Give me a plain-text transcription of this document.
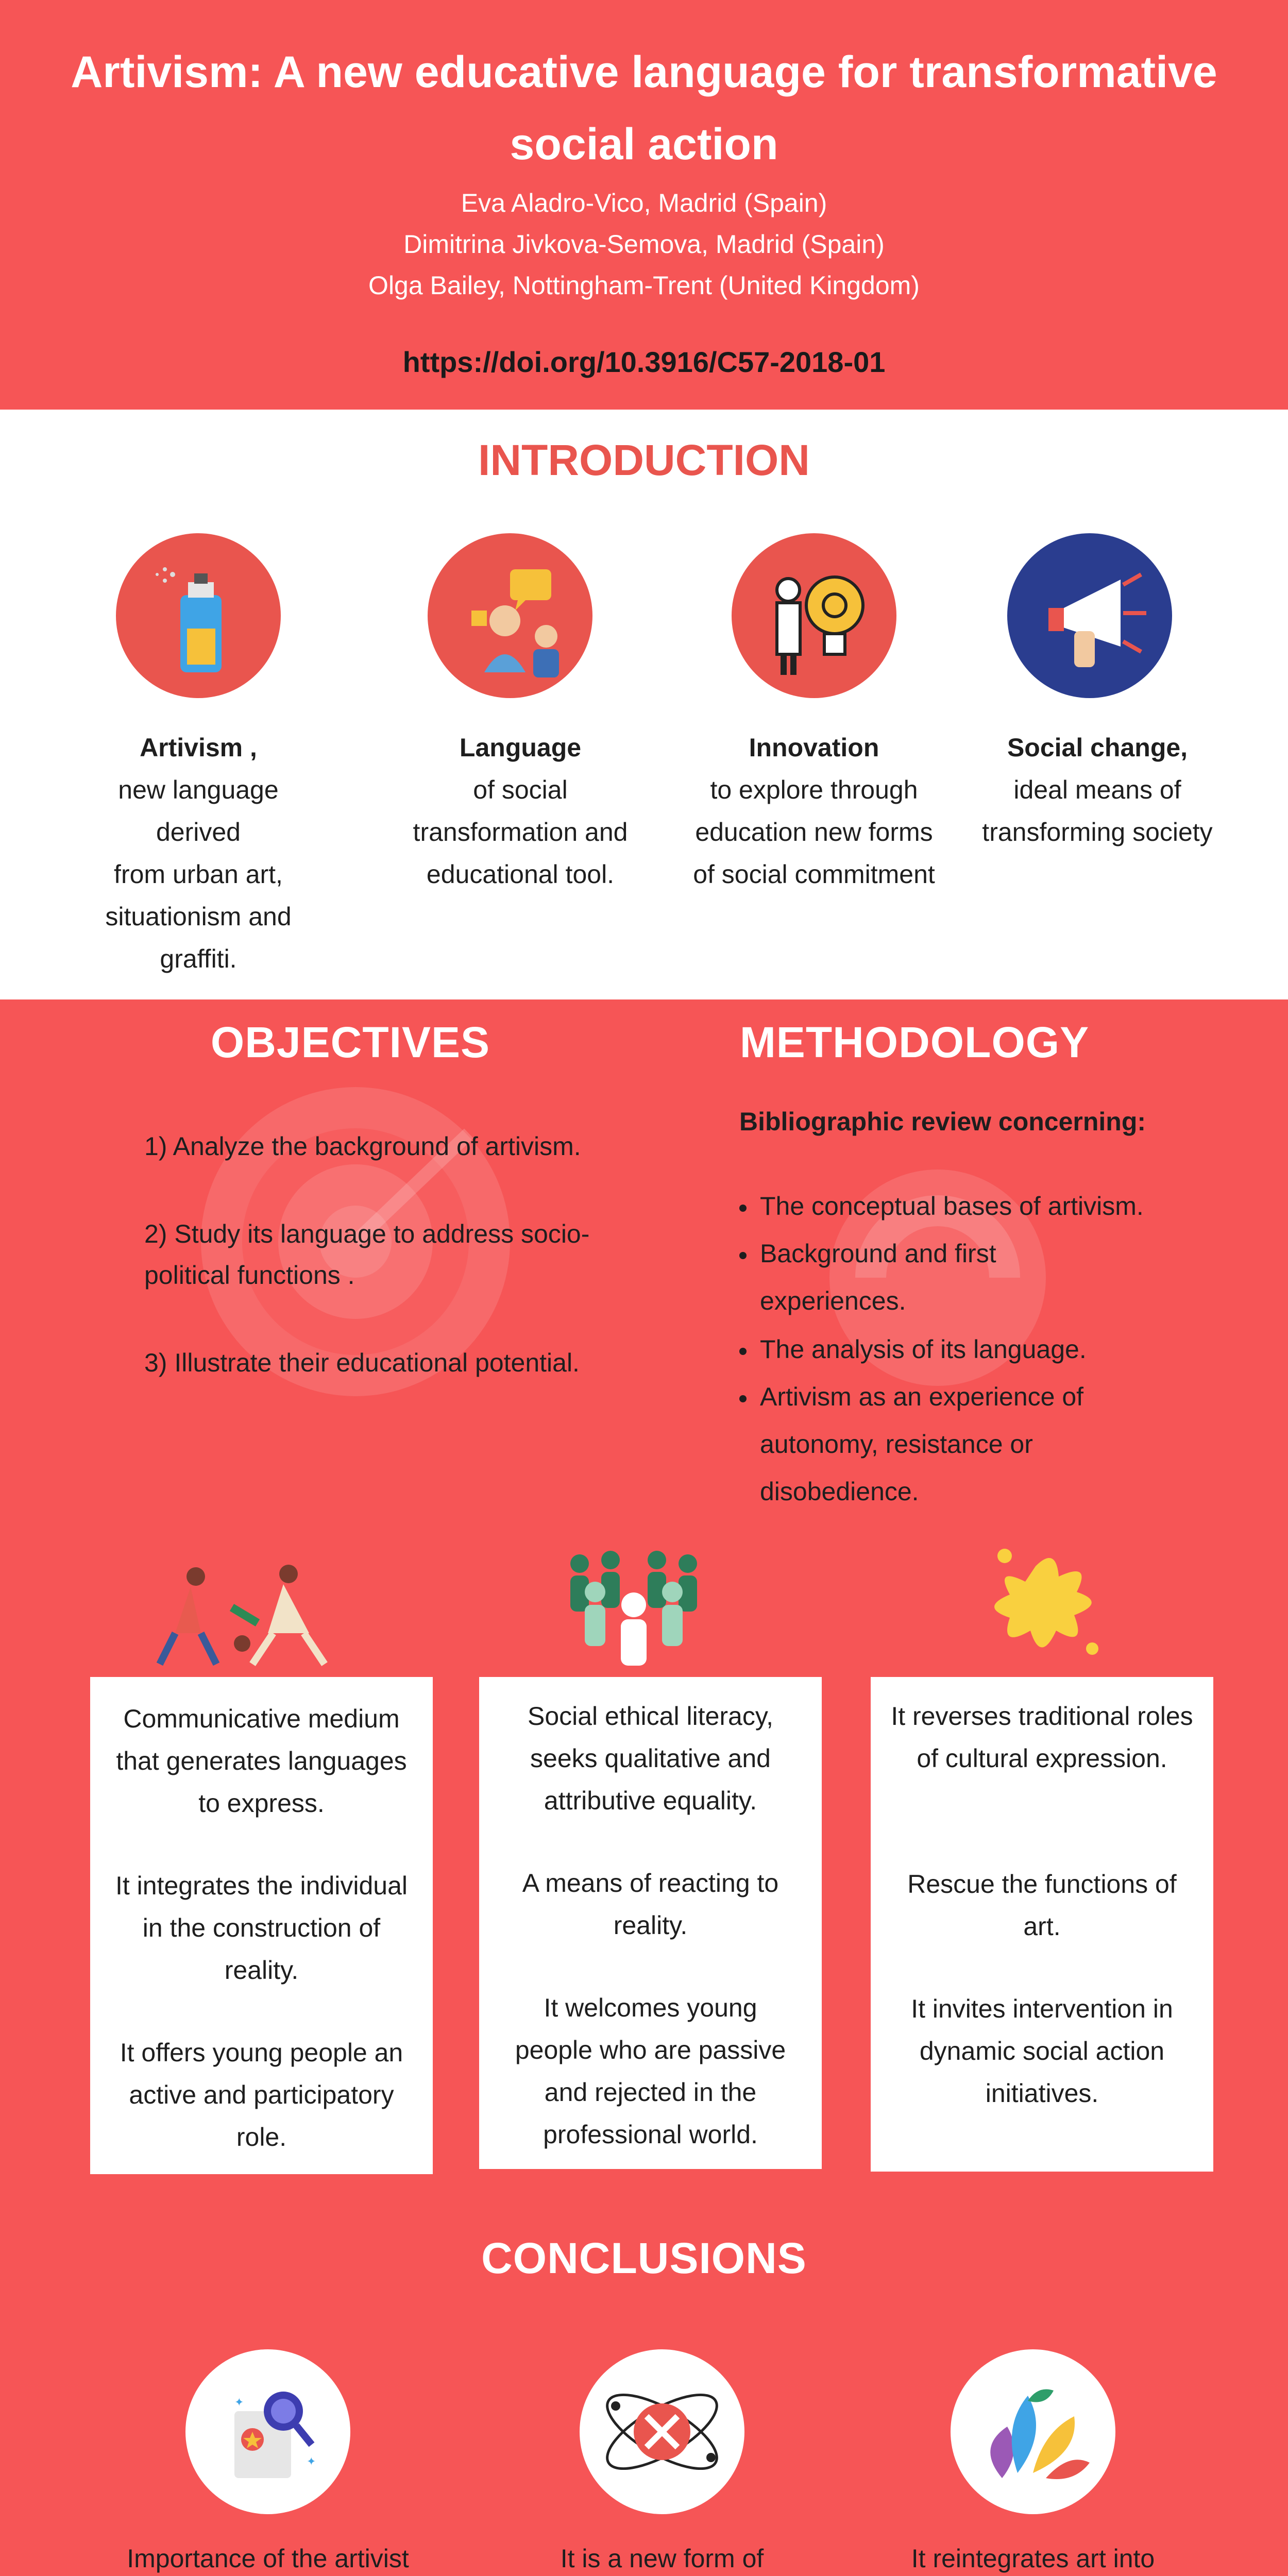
Artivism: A new educative language for transformative
social action
Eva Aladro-Vico, Madrid (Spain)
Dimitrina Jivkova-Semova, Madrid (Spain)
Olga Bailey, Nottingham-Trent (United Kingdom)
https://doi.org/10.3916/C57-2018-01
INTRODUCTION
Artivism ,
new language derived
from urban art,
situationism and
graffiti.
Language
of social
transformation and
educational tool.
Innovation
to explore through
education new forms
of social commitment
Social change,
ideal means of
transforming society
OBJECTIVES
1) Analyze the background of artivism.
2) Study its language to address socio-
political functions .
3) Illustrate their educational potential.
METHODOLOGY
Bibliographic review concerning:
The conceptual bases of artivism.
Background and first
experiences.
The analysis of its language.
Artivism as an experience of
autonomy, resistance or
disobedience.
Communicative medium
that generates languages
to express.
It integrates the individual
in the construction of
reality.
It offers young people an
active and participatory
role.
Social ethical literacy,
seeks qualitative and
attributive equality.
A means of reacting to
reality.
It welcomes young
people who are passive
and rejected in the
professional world.
It reverses traditional roles
of cultural expression.
Rescue the functions of
art.
It invites intervention in
dynamic social action
initiatives.
CONCLUSIONS
✦
✦
Importance of the artivist	It is a new form of	It reintegrates art into
